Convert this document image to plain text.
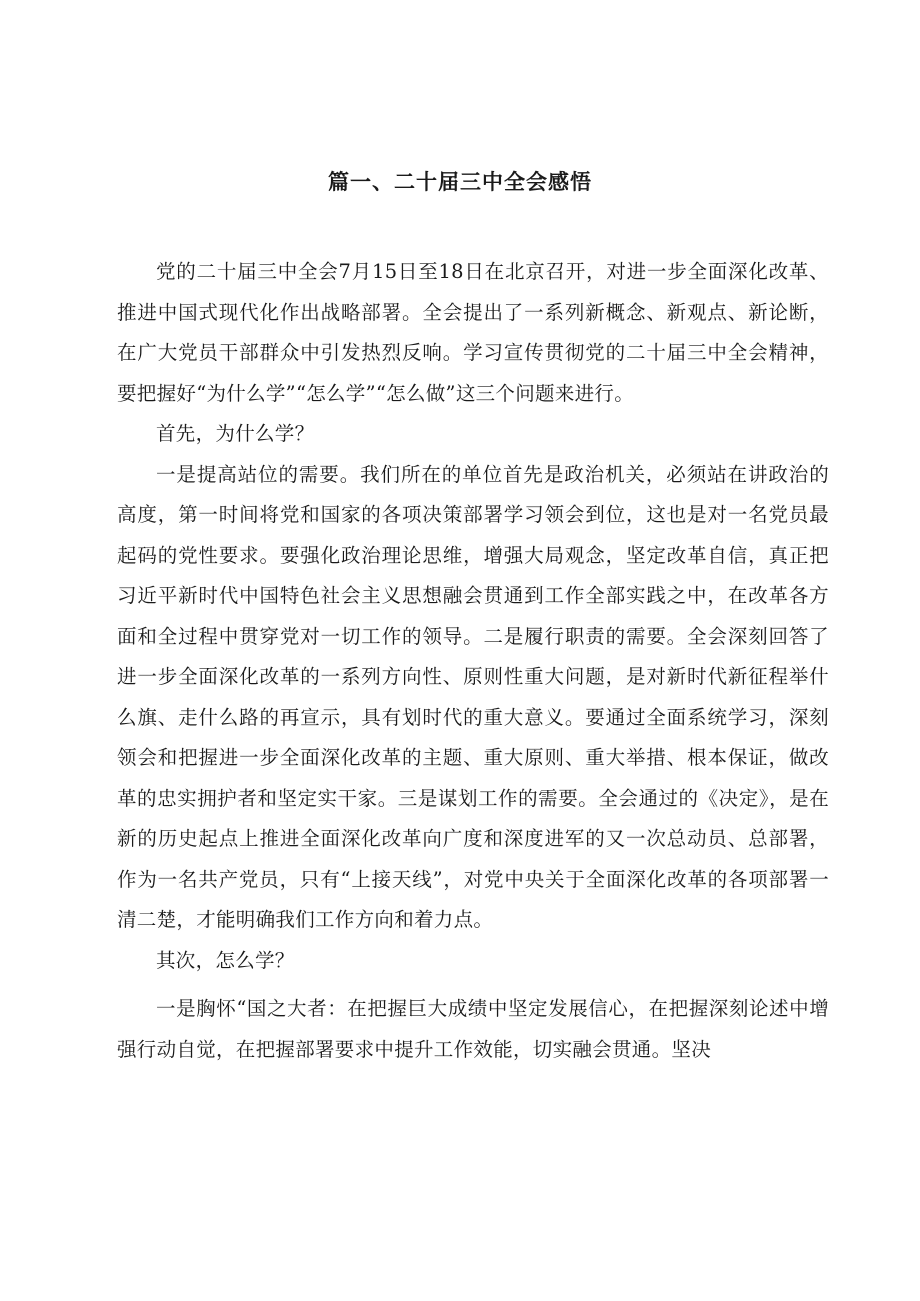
篇一、二十届三中全会感悟

党的二十届三中全会7月15日至18日在北京召开，对进一步全面深化改革、推进中国式现代化作出战略部署。全会提出了一系列新概念、新观点、新论断，在广大党员干部群众中引发热烈反响。学习宣传贯彻党的二十届三中全会精神，要把握好“为什么学”“怎么学”“怎么做”这三个问题来进行。

首先，为什么学？

一是提高站位的需要。我们所在的单位首先是政治机关，必须站在讲政治的高度，第一时间将党和国家的各项决策部署学习领会到位，这也是对一名党员最起码的党性要求。要强化政治理论思维，增强大局观念，坚定改革自信，真正把习近平新时代中国特色社会主义思想融会贯通到工作全部实践之中，在改革各方面和全过程中贯穿党对一切工作的领导。二是履行职责的需要。全会深刻回答了进一步全面深化改革的一系列方向性、原则性重大问题，是对新时代新征程举什么旗、走什么路的再宣示，具有划时代的重大意义。要通过全面系统学习，深刻领会和把握进一步全面深化改革的主题、重大原则、重大举措、根本保证，做改革的忠实拥护者和坚定实干家。三是谋划工作的需要。全会通过的《决定》，是在新的历史起点上推进全面深化改革向广度和深度进军的又一次总动员、总部署，作为一名共产党员，只有“上接天线”，对党中央关于全面深化改革的各项部署一清二楚，才能明确我们工作方向和着力点。

其次，怎么学？

一是胸怀“国之大者：在把握巨大成绩中坚定发展信心，在把握深刻论述中增强行动自觉，在把握部署要求中提升工作效能，切实融会贯通。坚决
